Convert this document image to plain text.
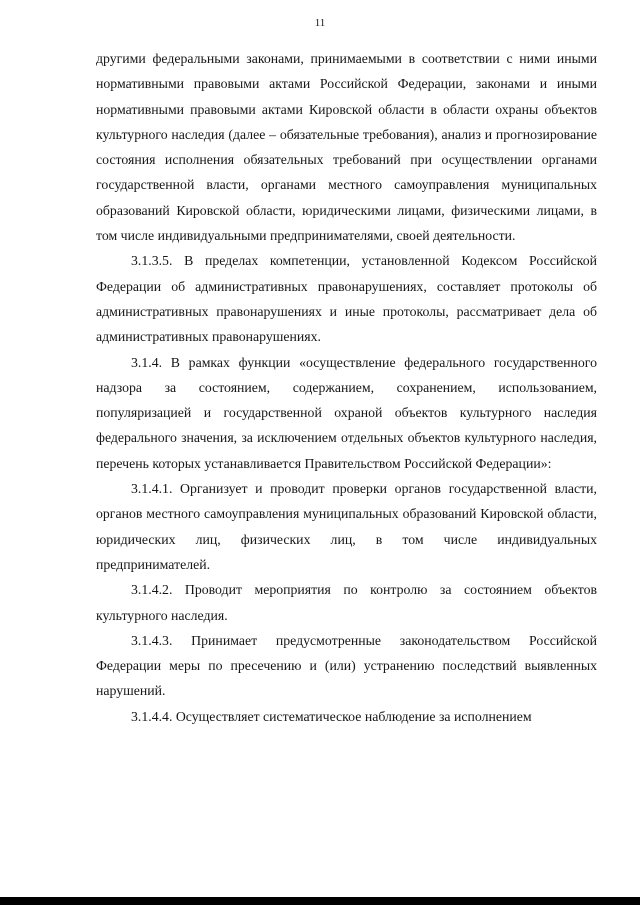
11

другими федеральными законами, принимаемыми в соответствии с ними иными нормативными правовыми актами Российской Федерации, законами и иными нормативными правовыми актами Кировской области в области охраны объектов культурного наследия (далее – обязательные требования), анализ и прогнозирование состояния исполнения обязательных требований при осуществлении органами государственной власти, органами местного самоуправления муниципальных образований Кировской области, юридическими лицами, физическими лицами, в том числе индивидуальными предпринимателями, своей деятельности.

3.1.3.5. В пределах компетенции, установленной Кодексом Российской Федерации об административных правонарушениях, составляет протоколы об административных правонарушениях и иные протоколы, рассматривает дела об административных правонарушениях.

3.1.4. В рамках функции «осуществление федерального государственного надзора за состоянием, содержанием, сохранением, использованием, популяризацией и государственной охраной объектов культурного наследия федерального значения, за исключением отдельных объектов культурного наследия, перечень которых устанавливается Правительством Российской Федерации»:

3.1.4.1. Организует и проводит проверки органов государственной власти, органов местного самоуправления муниципальных образований Кировской области, юридических лиц, физических лиц, в том числе индивидуальных предпринимателей.

3.1.4.2. Проводит мероприятия по контролю за состоянием объектов культурного наследия.

3.1.4.3. Принимает предусмотренные законодательством Российской Федерации меры по пресечению и (или) устранению последствий выявленных нарушений.

3.1.4.4. Осуществляет систематическое наблюдение за исполнением
